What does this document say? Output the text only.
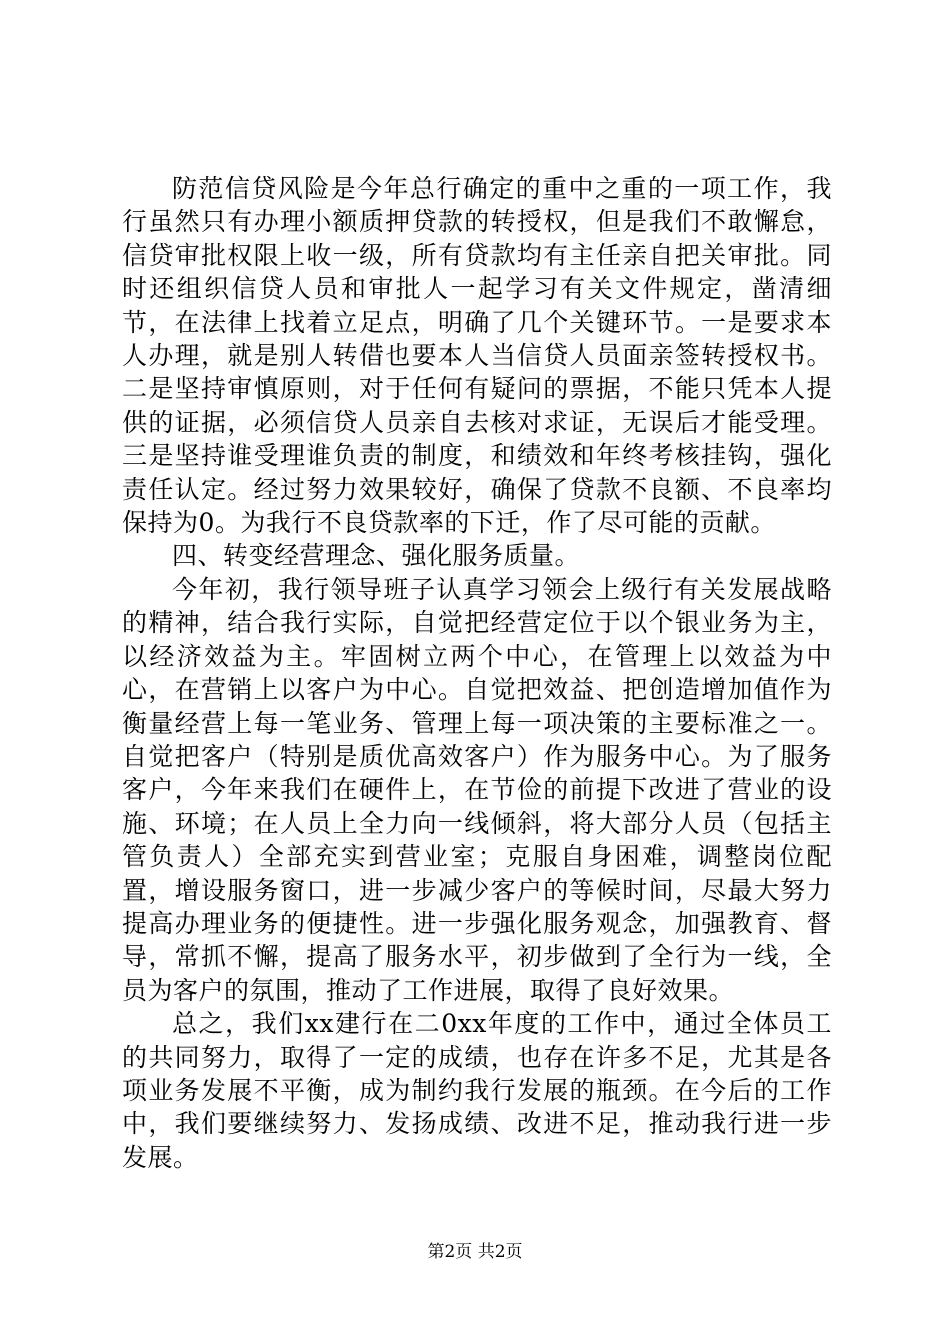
防范信贷风险是今年总行确定的重中之重的一项工作，我行虽然只有办理小额质押贷款的转授权，但是我们不敢懈怠，信贷审批权限上收一级，所有贷款均有主任亲自把关审批。同时还组织信贷人员和审批人一起学习有关文件规定，凿清细节，在法律上找着立足点，明确了几个关键环节。一是要求本人办理，就是别人转借也要本人当信贷人员面亲签转授权书。二是坚持审慎原则，对于任何有疑问的票据，不能只凭本人提供的证据，必须信贷人员亲自去核对求证，无误后才能受理。三是坚持谁受理谁负责的制度，和绩效和年终考核挂钩，强化责任认定。经过努力效果较好，确保了贷款不良额、不良率均保持为0。为我行不良贷款率的下迁，作了尽可能的贡献。

四、转变经营理念、强化服务质量。

今年初，我行领导班子认真学习领会上级行有关发展战略的精神，结合我行实际，自觉把经营定位于以个银业务为主，以经济效益为主。牢固树立两个中心，在管理上以效益为中心，在营销上以客户为中心。自觉把效益、把创造增加值作为衡量经营上每一笔业务、管理上每一项决策的主要标准之一。自觉把客户（特别是质优高效客户）作为服务中心。为了服务客户，今年来我们在硬件上，在节俭的前提下改进了营业的设施、环境；在人员上全力向一线倾斜，将大部分人员（包括主管负责人）全部充实到营业室；克服自身困难，调整岗位配置，增设服务窗口，进一步减少客户的等候时间，尽最大努力提高办理业务的便捷性。进一步强化服务观念，加强教育、督导，常抓不懈，提高了服务水平，初步做到了全行为一线，全员为客户的氛围，推动了工作进展，取得了良好效果。

总之，我们xx建行在二0xx年度的工作中，通过全体员工的共同努力，取得了一定的成绩，也存在许多不足，尤其是各项业务发展不平衡，成为制约我行发展的瓶颈。在今后的工作中，我们要继续努力、发扬成绩、改进不足，推动我行进一步发展。

第2页 共2页
